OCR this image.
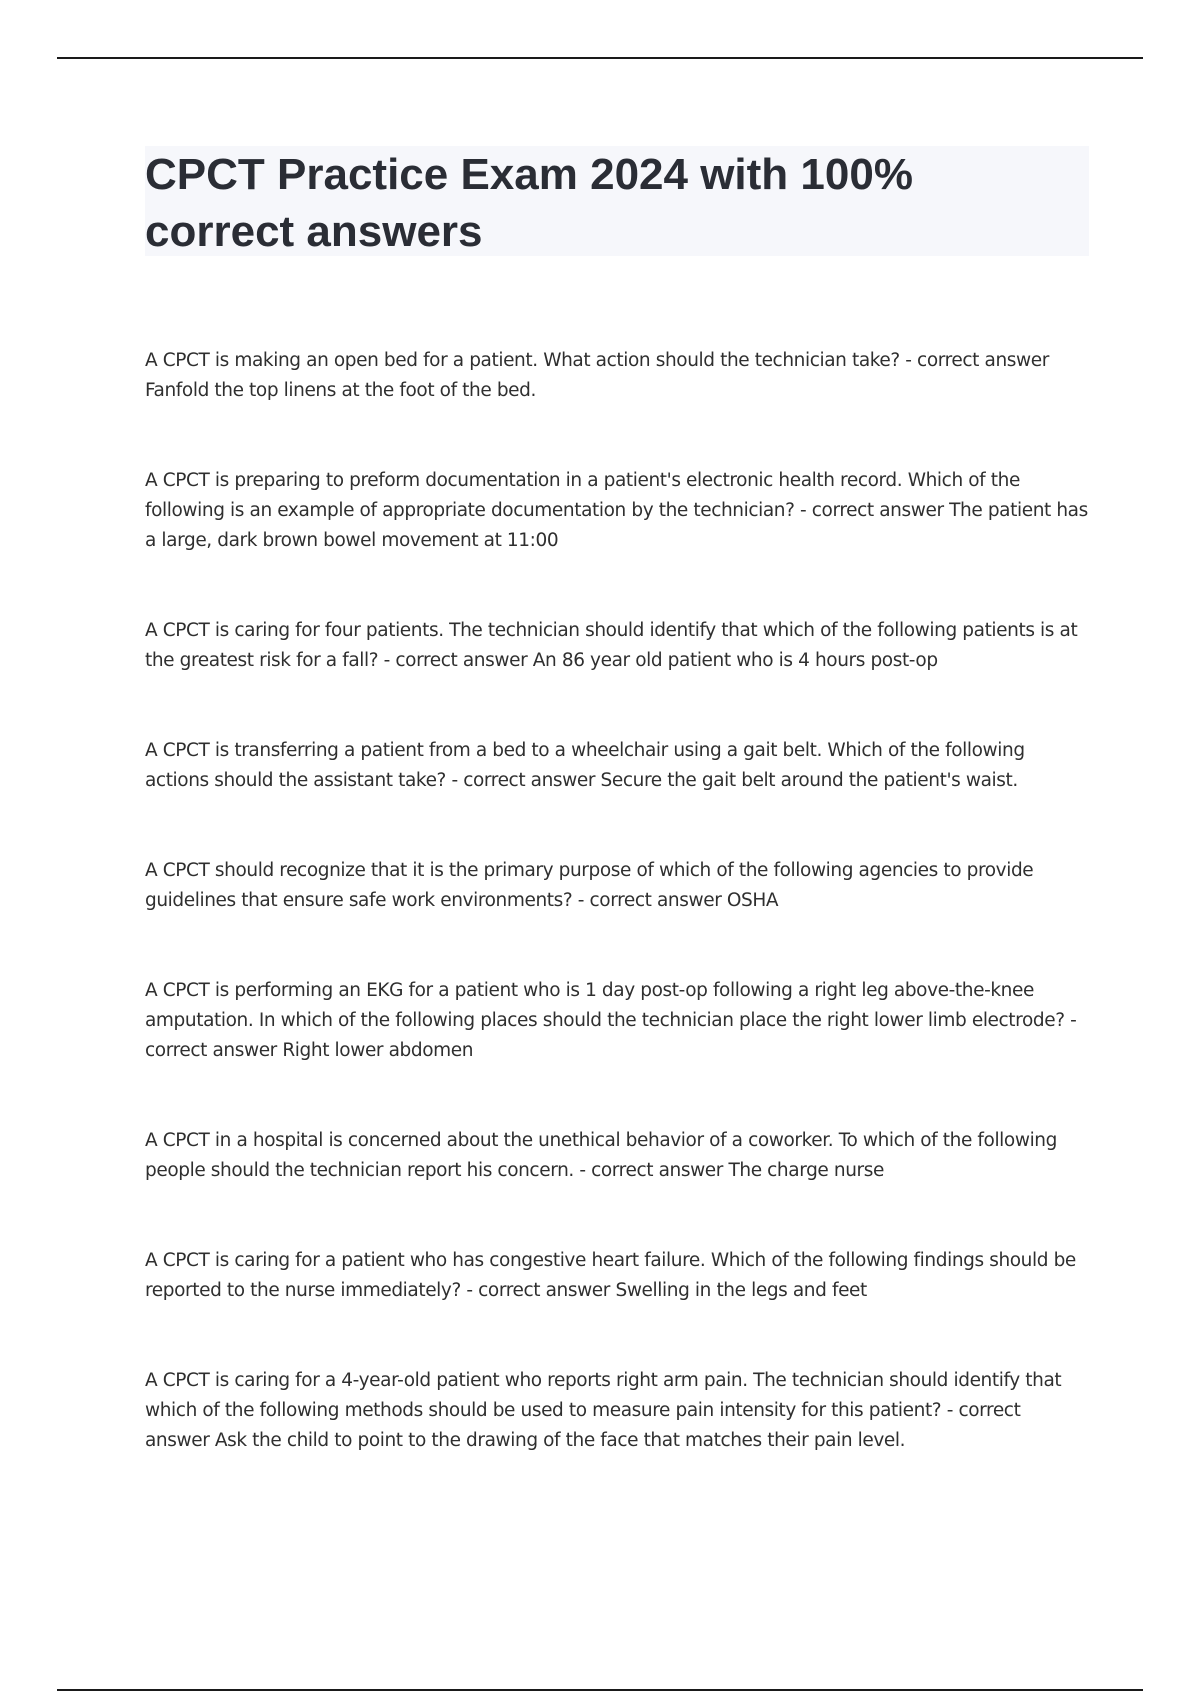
CPCT Practice Exam 2024 with 100%
correct answers
A CPCT is making an open bed for a patient. What action should the technician take? - correct answer Fanfold the top linens at the foot of the bed.
A CPCT is preparing to preform documentation in a patient's electronic health record. Which of the following is an example of appropriate documentation by the technician? - correct answer The patient has a large, dark brown bowel movement at 11:00
A CPCT is caring for four patients. The technician should identify that which of the following patients is at the greatest risk for a fall? - correct answer An 86 year old patient who is 4 hours post-op
A CPCT is transferring a patient from a bed to a wheelchair using a gait belt. Which of the following actions should the assistant take? - correct answer Secure the gait belt around the patient's waist.
A CPCT should recognize that it is the primary purpose of which of the following agencies to provide guidelines that ensure safe work environments? - correct answer OSHA
A CPCT is performing an EKG for a patient who is 1 day post-op following a right leg above-the-knee amputation. In which of the following places should the technician place the right lower limb electrode? - correct answer Right lower abdomen
A CPCT in a hospital is concerned about the unethical behavior of a coworker. To which of the following people should the technician report his concern. - correct answer The charge nurse
A CPCT is caring for a patient who has congestive heart failure. Which of the following findings should be reported to the nurse immediately? - correct answer Swelling in the legs and feet
A CPCT is caring for a 4-year-old patient who reports right arm pain. The technician should identify that which of the following methods should be used to measure pain intensity for this patient? - correct answer Ask the child to point to the drawing of the face that matches their pain level.
